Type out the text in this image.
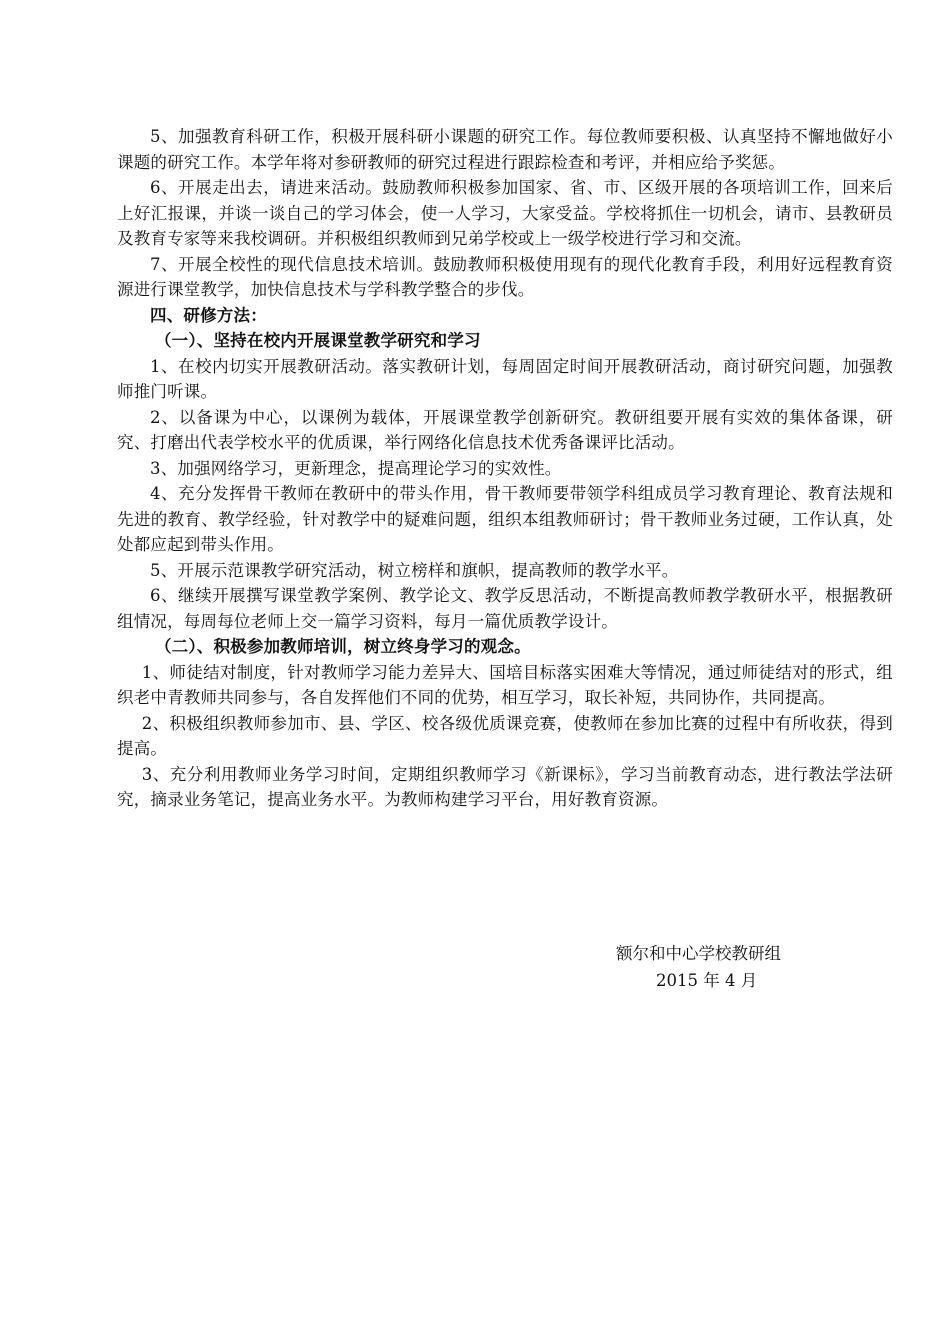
5、加强教育科研工作，积极开展科研小课题的研究工作。每位教师要积极、认真坚持不懈地做好小课题的研究工作。本学年将对参研教师的研究过程进行跟踪检查和考评，并相应给予奖惩。

6、开展走出去，请进来活动。鼓励教师积极参加国家、省、市、区级开展的各项培训工作，回来后上好汇报课，并谈一谈自己的学习体会，使一人学习，大家受益。学校将抓住一切机会，请市、县教研员及教育专家等来我校调研。并积极组织教师到兄弟学校或上一级学校进行学习和交流。

7、开展全校性的现代信息技术培训。鼓励教师积极使用现有的现代化教育手段，利用好远程教育资源进行课堂教学，加快信息技术与学科教学整合的步伐。

四、研修方法：

（一）、坚持在校内开展课堂教学研究和学习

1、在校内切实开展教研活动。落实教研计划，每周固定时间开展教研活动，商讨研究问题，加强教师推门听课。

2、以备课为中心，以课例为载体，开展课堂教学创新研究。教研组要开展有实效的集体备课，研究、打磨出代表学校水平的优质课，举行网络化信息技术优秀备课评比活动。

3、加强网络学习，更新理念，提高理论学习的实效性。

4、充分发挥骨干教师在教研中的带头作用，骨干教师要带领学科组成员学习教育理论、教育法规和先进的教育、教学经验，针对教学中的疑难问题，组织本组教师研讨；骨干教师业务过硬，工作认真，处处都应起到带头作用。

5、开展示范课教学研究活动，树立榜样和旗帜，提高教师的教学水平。

6、继续开展撰写课堂教学案例、教学论文、教学反思活动，不断提高教师教学教研水平，根据教研组情况，每周每位老师上交一篇学习资料，每月一篇优质教学设计。

（二）、积极参加教师培训，树立终身学习的观念。

1、师徒结对制度，针对教师学习能力差异大、国培目标落实困难大等情况，通过师徒结对的形式，组织老中青教师共同参与，各自发挥他们不同的优势，相互学习，取长补短，共同协作，共同提高。

2、积极组织教师参加市、县、学区、校各级优质课竞赛，使教师在参加比赛的过程中有所收获，得到提高。

3、充分利用教师业务学习时间，定期组织教师学习《新课标》，学习当前教育动态，进行教法学法研究，摘录业务笔记，提高业务水平。为教师构建学习平台，用好教育资源。

额尔和中心学校教研组

2015 年 4 月
